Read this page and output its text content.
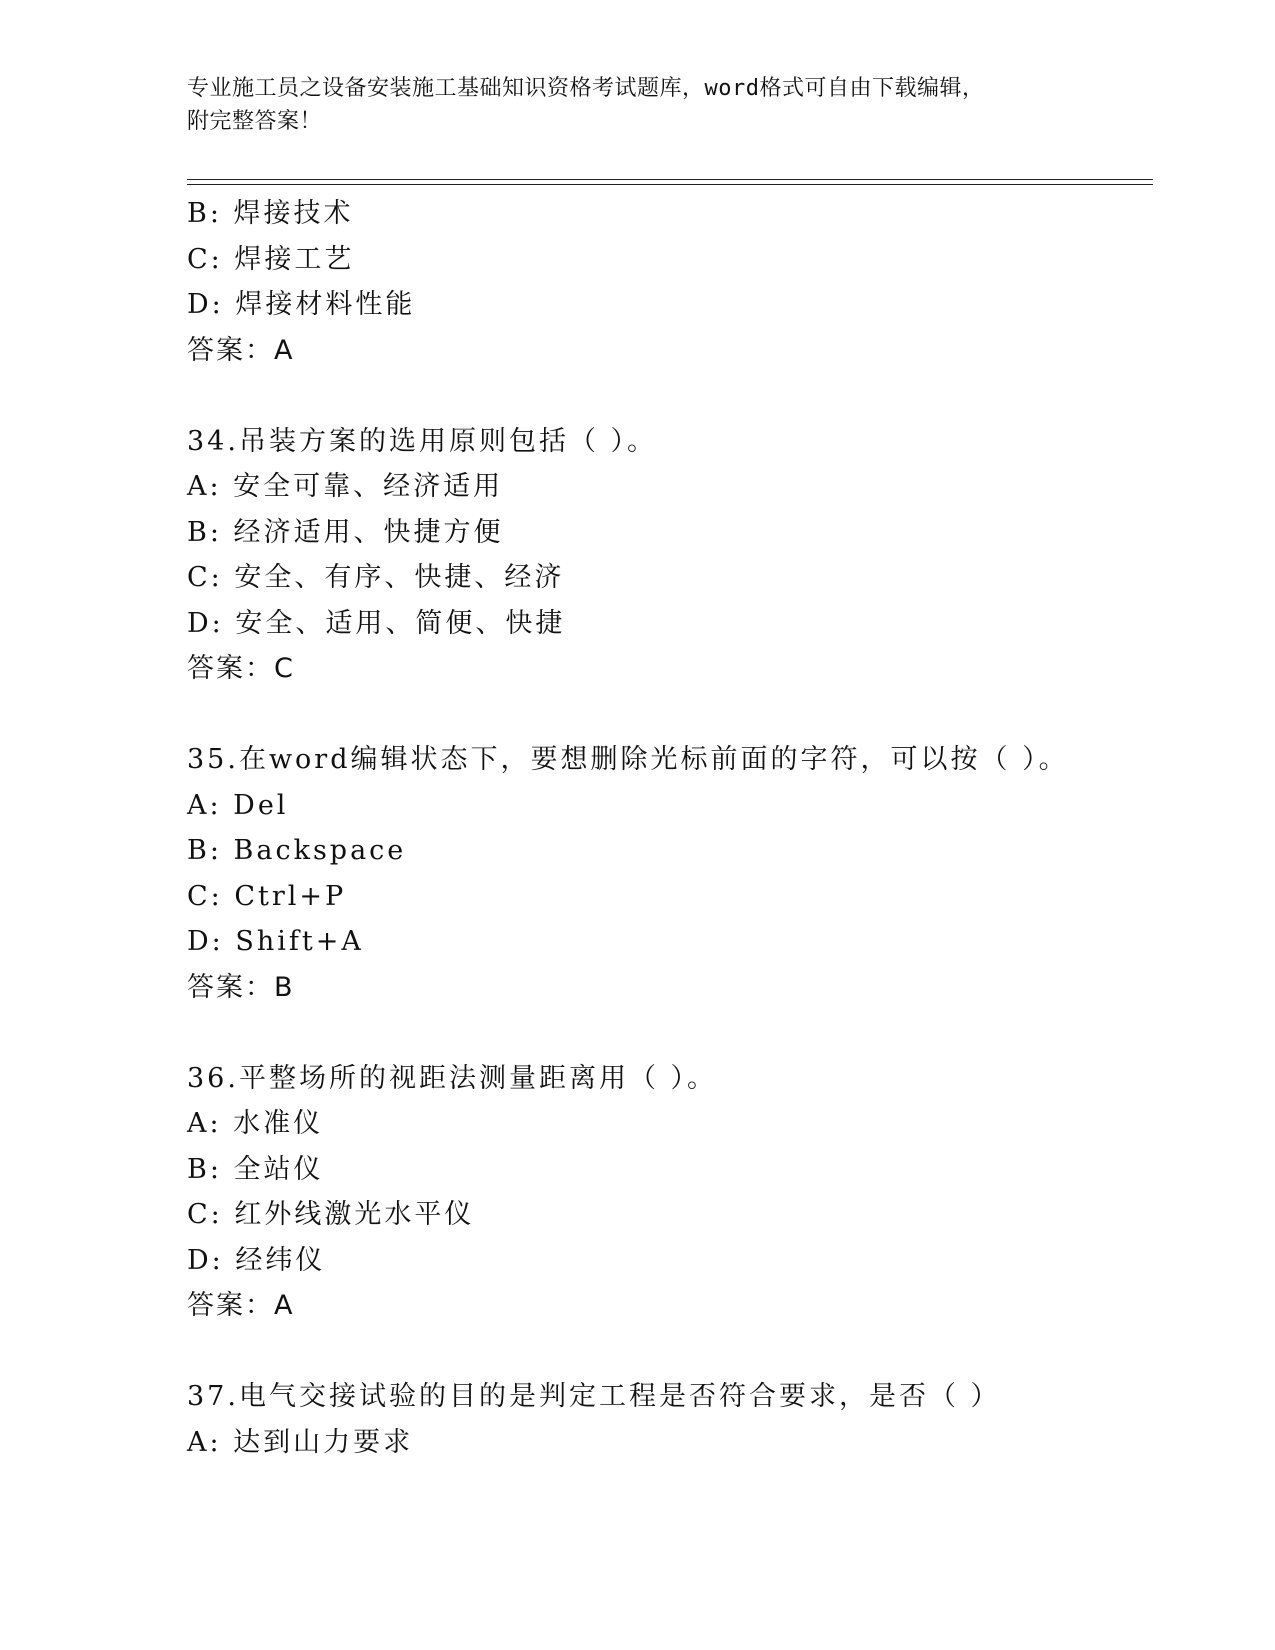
专业施工员之设备安装施工基础知识资格考试题库，word格式可自由下载编辑，
附完整答案！
B: 焊接技术
C: 焊接工艺
D: 焊接材料性能
答案：A
34.吊装方案的选用原则包括（ ）。
A: 安全可靠、经济适用
B: 经济适用、快捷方便
C: 安全、有序、快捷、经济
D: 安全、适用、简便、快捷
答案：C
35.在word编辑状态下，要想删除光标前面的字符，可以按（ ）。
A: Del
B: Backspace
C: Ctrl+P
D: Shift+A
答案：B
36.平整场所的视距法测量距离用（ ）。
A: 水准仪
B: 全站仪
C: 红外线激光水平仪
D: 经纬仪
答案：A
37.电气交接试验的目的是判定工程是否符合要求，是否（ ）
A: 达到山力要求
